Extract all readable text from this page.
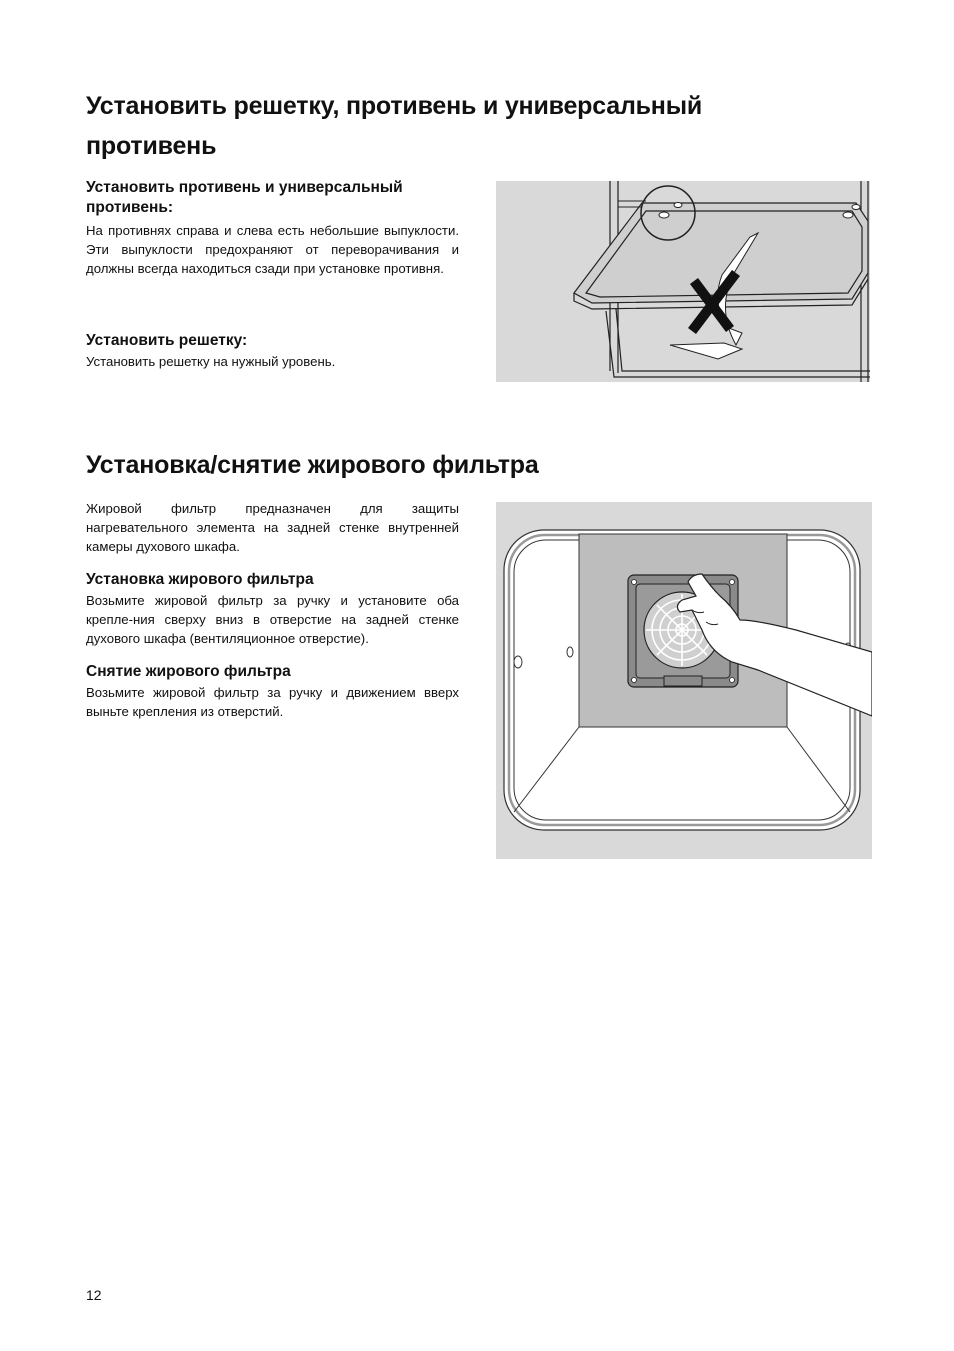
Установить решетку, противень и универсальный противень
Установить противень и универсальный противень:

На противнях справа и слева есть небольшие выпуклости. Эти выпуклости предохраняют от переворачивания и должны всегда находиться сзади при установке противня.

Установить решетку:

Установить решетку на нужный уровень.

Установка/снятие жирового фильтра

Жировой фильтр предназначен для защиты нагревательного элемента на задней стенке внутренней камеры духового шкафа.

Установка жирового фильтра

Возьмите жировой фильтр за ручку и установите оба крепле-ния сверху вниз в отверстие на задней стенке духового шкафа (вентиляционное отверстие).

Снятие жирового фильтра

Возьмите жировой фильтр за ручку и движением вверх выньте крепления из отверстий.

12
